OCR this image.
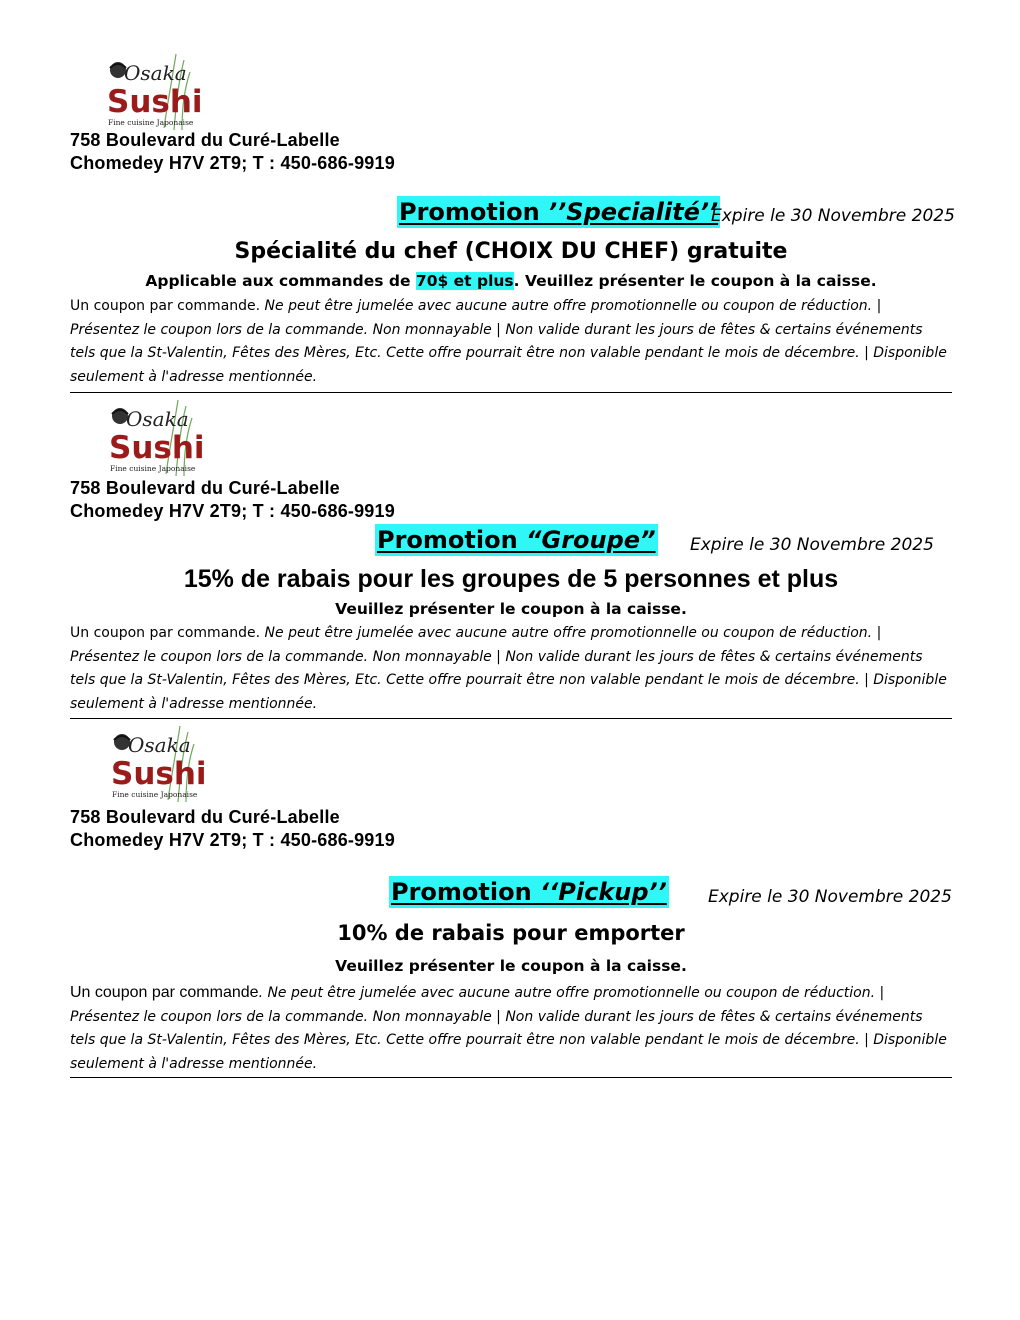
Osaka
Sushi
Fine cuisine Japonaise
758 Boulevard du Curé-Labelle
Chomedey H7V 2T9; T : 450-686-9919
Promotion ’’Specialité’’
Expire le 30 Novembre 2025
Spécialité du chef (CHOIX DU CHEF) gratuite
Applicable aux commandes de 70$ et plus. Veuillez présenter le coupon à la caisse.
Un coupon par commande. Ne peut être jumelée avec aucune autre offre promotionnelle ou coupon de réduction. | Présentez le coupon lors de la commande. Non monnayable | Non valide durant les jours de fêtes & certains événements tels que la St-Valentin, Fêtes des Mères, Etc. Cette offre pourrait être non valable pendant le mois de décembre. | Disponible seulement à l'adresse mentionnée.
Osaka
Sushi
Fine cuisine Japonaise
758 Boulevard du Curé-Labelle
Chomedey H7V 2T9; T : 450-686-9919
Promotion “Groupe” Expire le 30 Novembre 2025
15% de rabais pour les groupes de 5 personnes et plus
Veuillez présenter le coupon à la caisse.
Un coupon par commande. Ne peut être jumelée avec aucune autre offre promotionnelle ou coupon de réduction. | Présentez le coupon lors de la commande. Non monnayable | Non valide durant les jours de fêtes & certains événements tels que la St-Valentin, Fêtes des Mères, Etc. Cette offre pourrait être non valable pendant le mois de décembre. | Disponible seulement à l'adresse mentionnée.
Osaka
Sushi
Fine cuisine Japonaise
758 Boulevard du Curé-Labelle
Chomedey H7V 2T9; T : 450-686-9919
Promotion ‘‘Pickup’’ Expire le 30 Novembre 2025
10% de rabais pour emporter
Veuillez présenter le coupon à la caisse.
Un coupon par commande. Ne peut être jumelée avec aucune autre offre promotionnelle ou coupon de réduction. | Présentez le coupon lors de la commande. Non monnayable | Non valide durant les jours de fêtes & certains événements tels que la St-Valentin, Fêtes des Mères, Etc. Cette offre pourrait être non valable pendant le mois de décembre. | Disponible seulement à l'adresse mentionnée.
